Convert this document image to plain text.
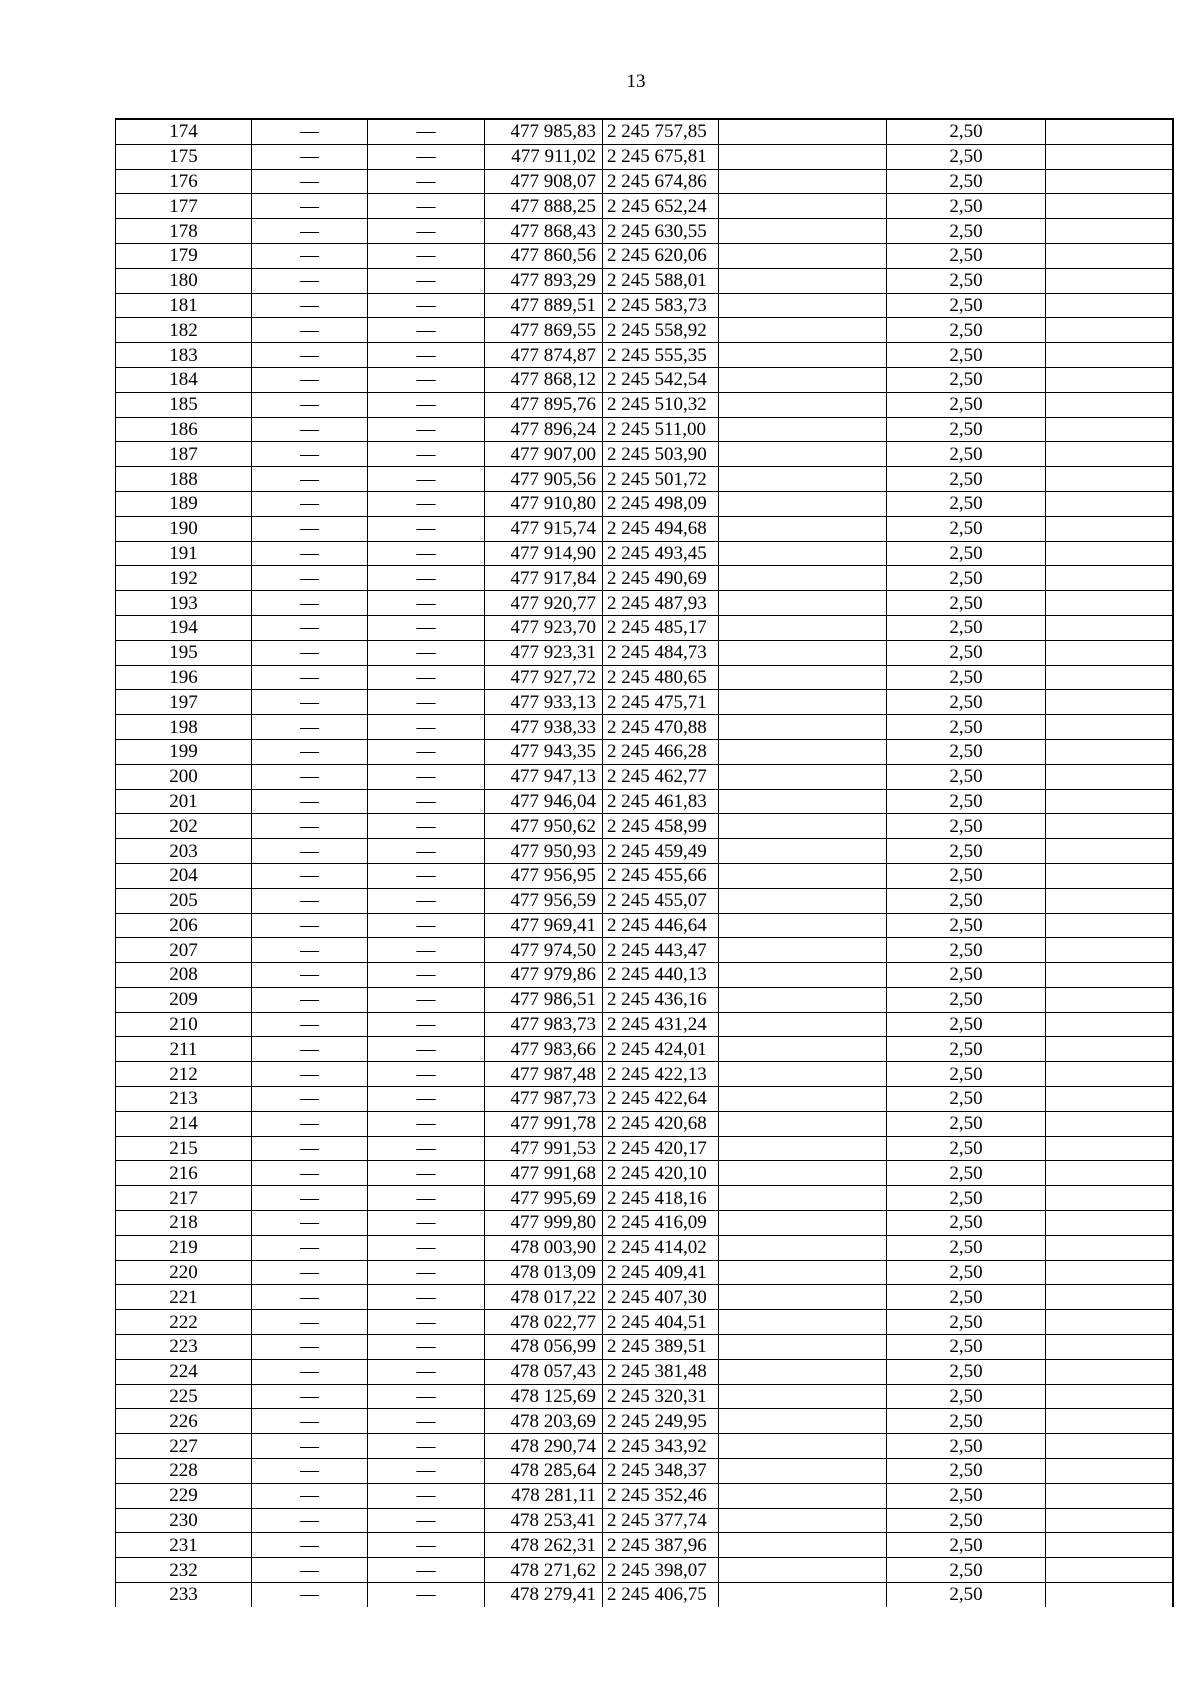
13
174	—	—	477 985,83	2 245 757,85		2,50	
175	—	—	477 911,02	2 245 675,81		2,50	
176	—	—	477 908,07	2 245 674,86		2,50	
177	—	—	477 888,25	2 245 652,24		2,50	
178	—	—	477 868,43	2 245 630,55		2,50	
179	—	—	477 860,56	2 245 620,06		2,50	
180	—	—	477 893,29	2 245 588,01		2,50	
181	—	—	477 889,51	2 245 583,73		2,50	
182	—	—	477 869,55	2 245 558,92		2,50	
183	—	—	477 874,87	2 245 555,35		2,50	
184	—	—	477 868,12	2 245 542,54		2,50	
185	—	—	477 895,76	2 245 510,32		2,50	
186	—	—	477 896,24	2 245 511,00		2,50	
187	—	—	477 907,00	2 245 503,90		2,50	
188	—	—	477 905,56	2 245 501,72		2,50	
189	—	—	477 910,80	2 245 498,09		2,50	
190	—	—	477 915,74	2 245 494,68		2,50	
191	—	—	477 914,90	2 245 493,45		2,50	
192	—	—	477 917,84	2 245 490,69		2,50	
193	—	—	477 920,77	2 245 487,93		2,50	
194	—	—	477 923,70	2 245 485,17		2,50	
195	—	—	477 923,31	2 245 484,73		2,50	
196	—	—	477 927,72	2 245 480,65		2,50	
197	—	—	477 933,13	2 245 475,71		2,50	
198	—	—	477 938,33	2 245 470,88		2,50	
199	—	—	477 943,35	2 245 466,28		2,50	
200	—	—	477 947,13	2 245 462,77		2,50	
201	—	—	477 946,04	2 245 461,83		2,50	
202	—	—	477 950,62	2 245 458,99		2,50	
203	—	—	477 950,93	2 245 459,49		2,50	
204	—	—	477 956,95	2 245 455,66		2,50	
205	—	—	477 956,59	2 245 455,07		2,50	
206	—	—	477 969,41	2 245 446,64		2,50	
207	—	—	477 974,50	2 245 443,47		2,50	
208	—	—	477 979,86	2 245 440,13		2,50	
209	—	—	477 986,51	2 245 436,16		2,50	
210	—	—	477 983,73	2 245 431,24		2,50	
211	—	—	477 983,66	2 245 424,01		2,50	
212	—	—	477 987,48	2 245 422,13		2,50	
213	—	—	477 987,73	2 245 422,64		2,50	
214	—	—	477 991,78	2 245 420,68		2,50	
215	—	—	477 991,53	2 245 420,17		2,50	
216	—	—	477 991,68	2 245 420,10		2,50	
217	—	—	477 995,69	2 245 418,16		2,50	
218	—	—	477 999,80	2 245 416,09		2,50	
219	—	—	478 003,90	2 245 414,02		2,50	
220	—	—	478 013,09	2 245 409,41		2,50	
221	—	—	478 017,22	2 245 407,30		2,50	
222	—	—	478 022,77	2 245 404,51		2,50	
223	—	—	478 056,99	2 245 389,51		2,50	
224	—	—	478 057,43	2 245 381,48		2,50	
225	—	—	478 125,69	2 245 320,31		2,50	
226	—	—	478 203,69	2 245 249,95		2,50	
227	—	—	478 290,74	2 245 343,92		2,50	
228	—	—	478 285,64	2 245 348,37		2,50	
229	—	—	478 281,11	2 245 352,46		2,50	
230	—	—	478 253,41	2 245 377,74		2,50	
231	—	—	478 262,31	2 245 387,96		2,50	
232	—	—	478 271,62	2 245 398,07		2,50	
233	—	—	478 279,41	2 245 406,75		2,50	
